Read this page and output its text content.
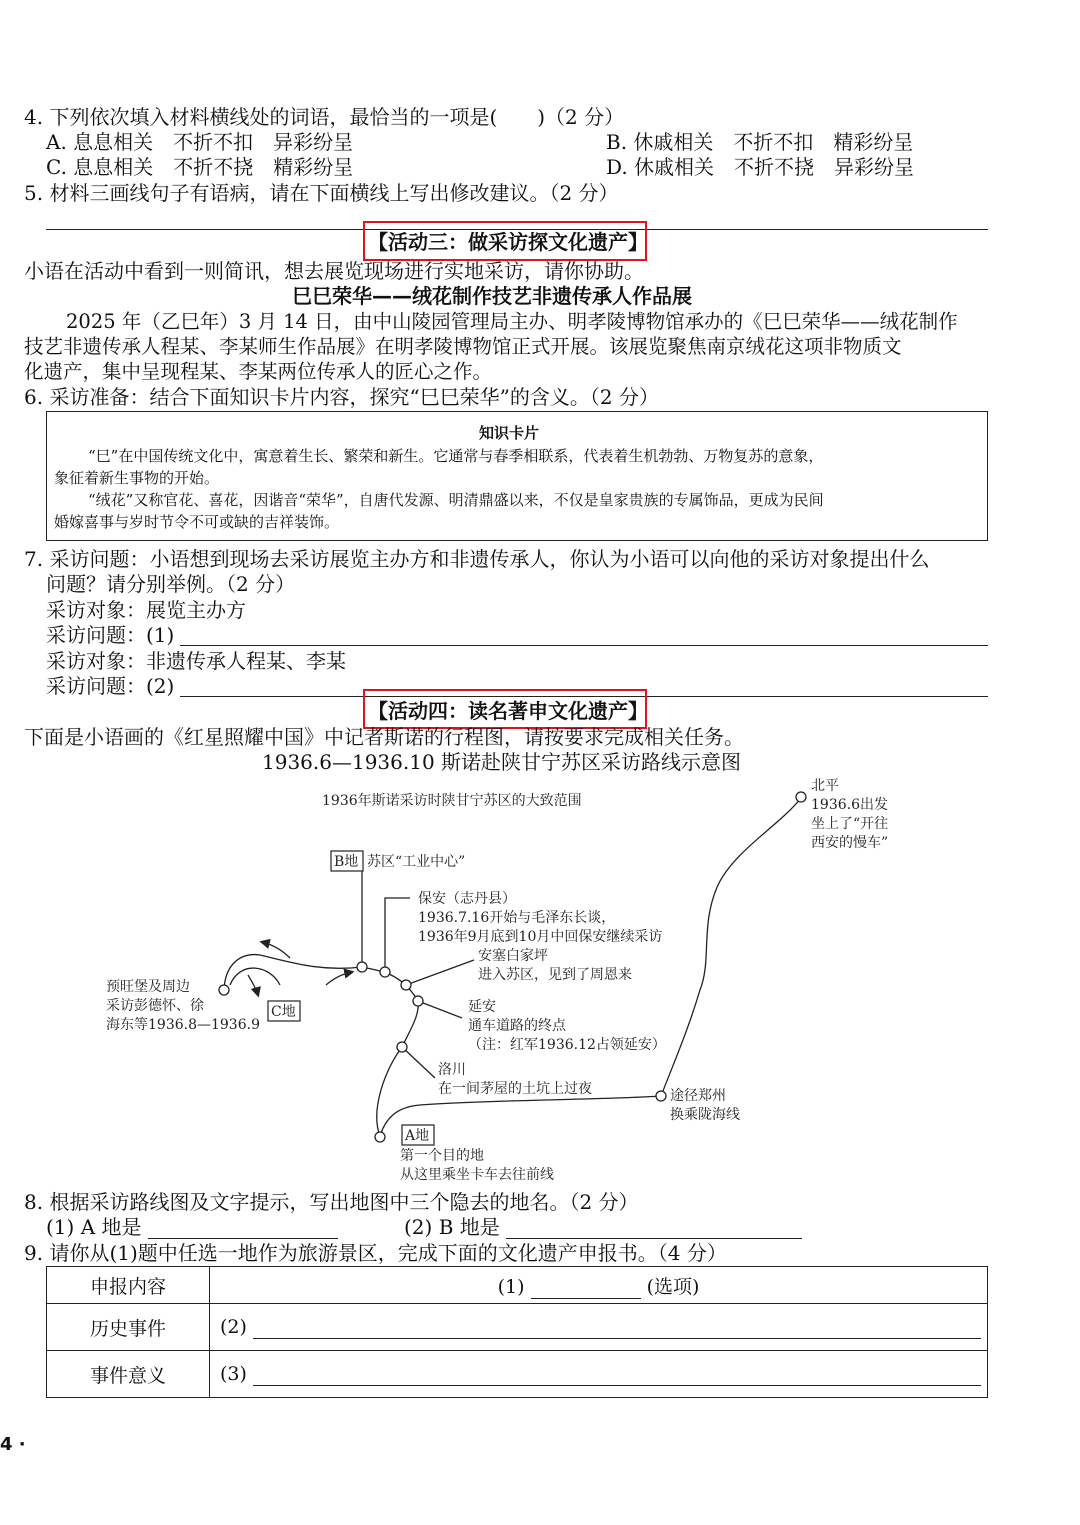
4. 下列依次填入材料横线处的词语，最恰当的一项是(　　)（2 分）
A. 息息相关　不折不扣　异彩纷呈	B. 休戚相关　不折不扣　精彩纷呈
C. 息息相关　不折不挠　精彩纷呈	D. 休戚相关　不折不挠　异彩纷呈
5. 材料三画线句子有语病，请在下面横线上写出修改建议。（2 分）
【活动三：做采访探文化遗产】
小语在活动中看到一则简讯，想去展览现场进行实地采访，请你协助。
巳巳荣华——绒花制作技艺非遗传承人作品展
2025 年（乙巳年）3 月 14 日，由中山陵园管理局主办、明孝陵博物馆承办的《巳巳荣华——绒花制作
技艺非遗传承人程某、李某师生作品展》在明孝陵博物馆正式开展。该展览聚焦南京绒花这项非物质文
化遗产，集中呈现程某、李某两位传承人的匠心之作。
6. 采访准备：结合下面知识卡片内容，探究“巳巳荣华”的含义。（2 分）
知识卡片
“巳”在中国传统文化中，寓意着生长、繁荣和新生。它通常与春季相联系，代表着生机勃勃、万物复苏的意象，
象征着新生事物的开始。
“绒花”又称官花、喜花，因谐音“荣华”，自唐代发源、明清鼎盛以来，不仅是皇家贵族的专属饰品，更成为民间
婚嫁喜事与岁时节令不可或缺的吉祥装饰。
7. 采访问题：小语想到现场去采访展览主办方和非遗传承人，你认为小语可以向他的采访对象提出什么
问题？请分别举例。（2 分）
采访对象：展览主办方
采访问题：(1)
采访对象：非遗传承人程某、李某
采访问题：(2)
【活动四：读名著申文化遗产】
下面是小语画的《红星照耀中国》中记者斯诺的行程图，请按要求完成相关任务。
1936.6—1936.10 斯诺赴陕甘宁苏区采访路线示意图
1936年斯诺采访时陕甘宁苏区的大致范围
北平
1936.6出发
坐上了“开往
西安的慢车”
B地 苏区“工业中心”
保安（志丹县）
1936.7.16开始与毛泽东长谈，
1936年9月底到10月中回保安继续采访
安塞白家坪
进入苏区，见到了周恩来
预旺堡及周边
采访彭德怀、徐
海东等1936.8—1936.9
C地	延安
通车道路的终点
（注：红军1936.12占领延安）
洛川
在一间茅屋的土坑上过夜	途径郑州
换乘陇海线
A地
第一个目的地
从这里乘坐卡车去往前线
8. 根据采访路线图及文字提示，写出地图中三个隐去的地名。（2 分）
(1) A 地是	(2) B 地是
9. 请你从(1)题中任选一地作为旅游景区，完成下面的文化遗产申报书。（4 分）
申报内容	(1) (选项)
历史事件	(2)
事件意义	(3)
4 ·
